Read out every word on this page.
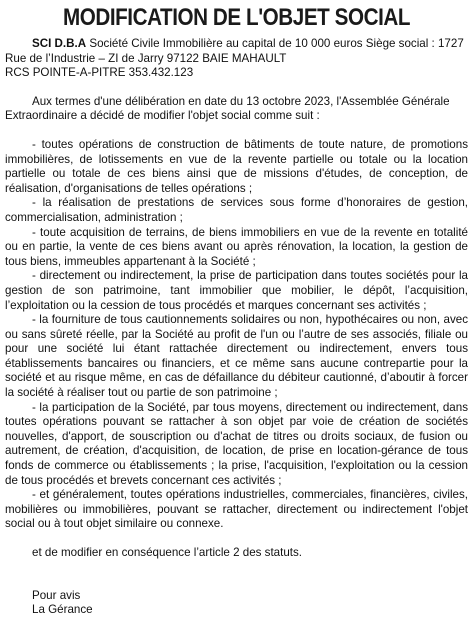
MODIFICATION DE L'OBJET SOCIAL

SCI D.B.A Société Civile Immobilière au capital de 10 000 euros Siège social : 1727 Rue de l’Industrie – ZI de Jarry 97122 BAIE MAHAULT

RCS POINTE-A-PITRE 353.432.123

Aux termes d'une délibération en date du 13 octobre 2023, l'Assemblée Générale Extraordinaire a décidé de modifier l'objet social comme suit :

- toutes opérations de construction de bâtiments de toute nature, de promotions immobilières, de lotissements en vue de la revente partielle ou totale ou la location partielle ou totale de ces biens ainsi que de missions d'études, de conception, de réalisation, d'organisations de telles opérations ;

- la réalisation de prestations de services sous forme d’honoraires de gestion, commercialisation, administration ;

- toute acquisition de terrains, de biens immobiliers en vue de la revente en totalité ou en partie, la vente de ces biens avant ou après rénovation, la location, la gestion de tous biens, immeubles appartenant à la Société ;

- directement ou indirectement, la prise de participation dans toutes sociétés pour la gestion de son patrimoine, tant immobilier que mobilier, le dépôt, l’acquisition, l’exploitation ou la cession de tous procédés et marques concernant ses activités ;

- la fourniture de tous cautionnements solidaires ou non, hypothécaires ou non, avec ou sans sûreté réelle, par la Société au profit de l'un ou l’autre de ses associés, filiale ou pour une société lui étant rattachée directement ou indirectement, envers tous établissements bancaires ou financiers, et ce même sans aucune contrepartie pour la société et au risque même, en cas de défaillance du débiteur cautionné, d’aboutir à forcer la société à réaliser tout ou partie de son patrimoine ;

- la participation de la Société, par tous moyens, directement ou indirectement, dans toutes opérations pouvant se rattacher à son objet par voie de création de sociétés nouvelles, d'apport, de souscription ou d'achat de titres ou droits sociaux, de fusion ou autrement, de création, d'acquisition, de location, de prise en location-gérance de tous fonds de commerce ou établissements ; la prise, l'acquisition, l'exploitation ou la cession de tous procédés et brevets concernant ces activités ;

- et généralement, toutes opérations industrielles, commerciales, financières, civiles, mobilières ou immobilières, pouvant se rattacher, directement ou indirectement l'objet social ou à tout objet similaire ou connexe.

et de modifier en conséquence l’article 2 des statuts.

Pour avis
La Gérance
